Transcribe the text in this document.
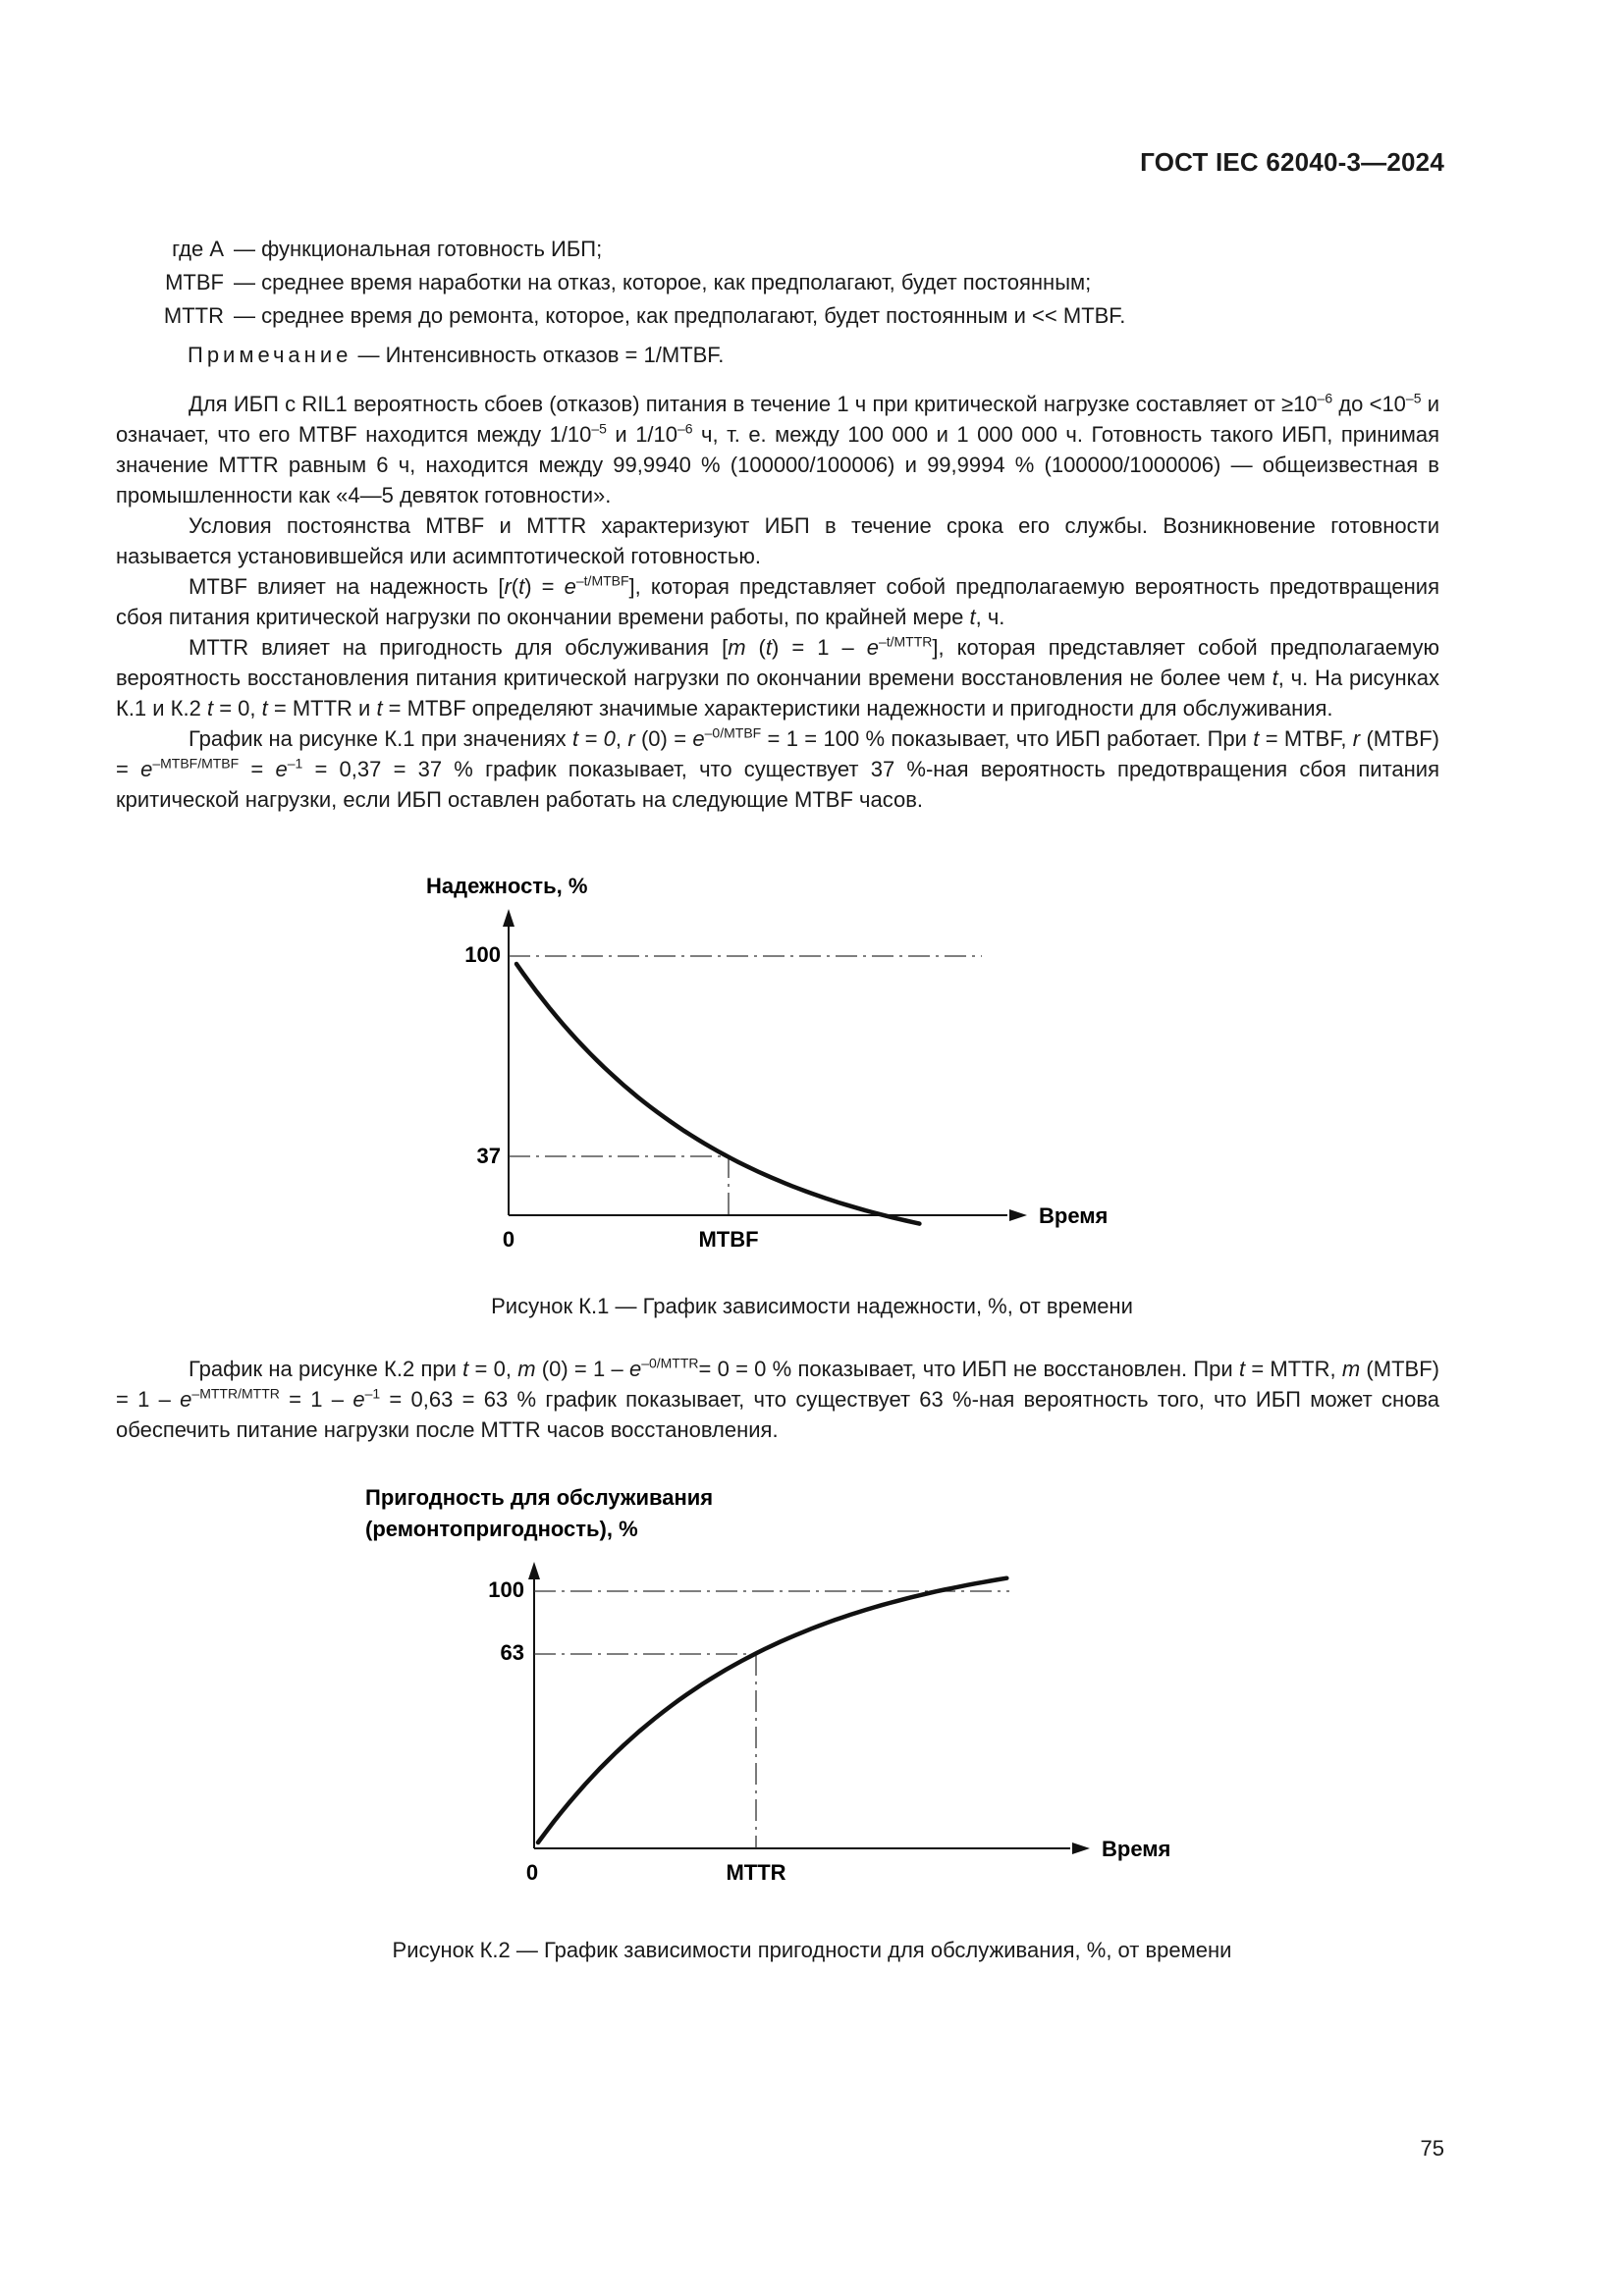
ГОСТ IEC 62040-3—2024
где A — функциональная готовность ИБП;
MTBF — среднее время наработки на отказ, которое, как предполагают, будет постоянным;
MTTR — среднее время до ремонта, которое, как предполагают, будет постоянным и << MTBF.
Примечание — Интенсивность отказов = 1/MTBF.

Для ИБП с RIL1 вероятность сбоев (отказов) питания в течение 1 ч при критической нагрузке составляет от $\ge 10^{-6}$ до $<10^{-5}$ и означает, что его MTBF находится между $1/10^{-5}$ и $1/10^{-6}$ ч, т. е. между 100 000 и 1 000 000 ч. Готовность такого ИБП, принимая значение MTTR равным 6 ч, находится между 99,9940 % (100000/100006) и 99,9994 % (100000/1000006) — общеизвестная в промышленности как «4—5 девяток готовности».

Условия постоянства MTBF и MTTR характеризуют ИБП в течение срока его службы. Возникновение готовности называется установившейся или асимптотической готовностью.

MTBF влияет на надежность $[r(t) = e^{-t/MTBF}]$, которая представляет собой предполагаемую вероятность предотвращения сбоя питания критической нагрузки по окончании времени работы, по крайней мере t, ч.

MTTR влияет на пригодность для обслуживания [m $(t) = 1 - e^{-t/MTTR}$], которая представляет собой предполагаемую вероятность восстановления питания критической нагрузки по окончании времени восстановления не более чем t, ч. На рисунках К.1 и К.2 t = 0, t = MTTR и t = MTBF определяют значимые характеристики надежности и пригодности для обслуживания.

График на рисунке К.1 при значениях t = 0, r $(0) = e^{-0/MTBF} = 1 = 100$ % показывает, что ИБП работает. При t = MTBF, r (MTBF) = $e^{-MTBF/MTBF} = e^{-1} = 0,37 = 37$ % график показывает, что существует 37 %-ная вероятность предотвращения сбоя питания критической нагрузки, если ИБП оставлен работать на следующие MTBF часов.

Надежность, %
Время
100
37
0	MTBF
Рисунок К.1 — График зависимости надежности, %, от времени

График на рисунке К.2 при t = 0, m $(0) = 1 - e^{-0/MTTR}= 0 = 0$ % показывает, что ИБП не восстановлен. При t = MTTR, m (MTBF) = $1 - e^{-MTTR/MTTR} = 1 - e^{-1} = 0,63 = 63$ % график показывает, что существует 63 %-ная вероятность того, что ИБП может снова обеспечить питание нагрузки после MTTR часов восстановления.

Пригодность для обслуживания
(ремонтопригодность), %
Время
100
63
0	MTTR
Рисунок К.2 — График зависимости пригодности для обслуживания, %, от времени
75
